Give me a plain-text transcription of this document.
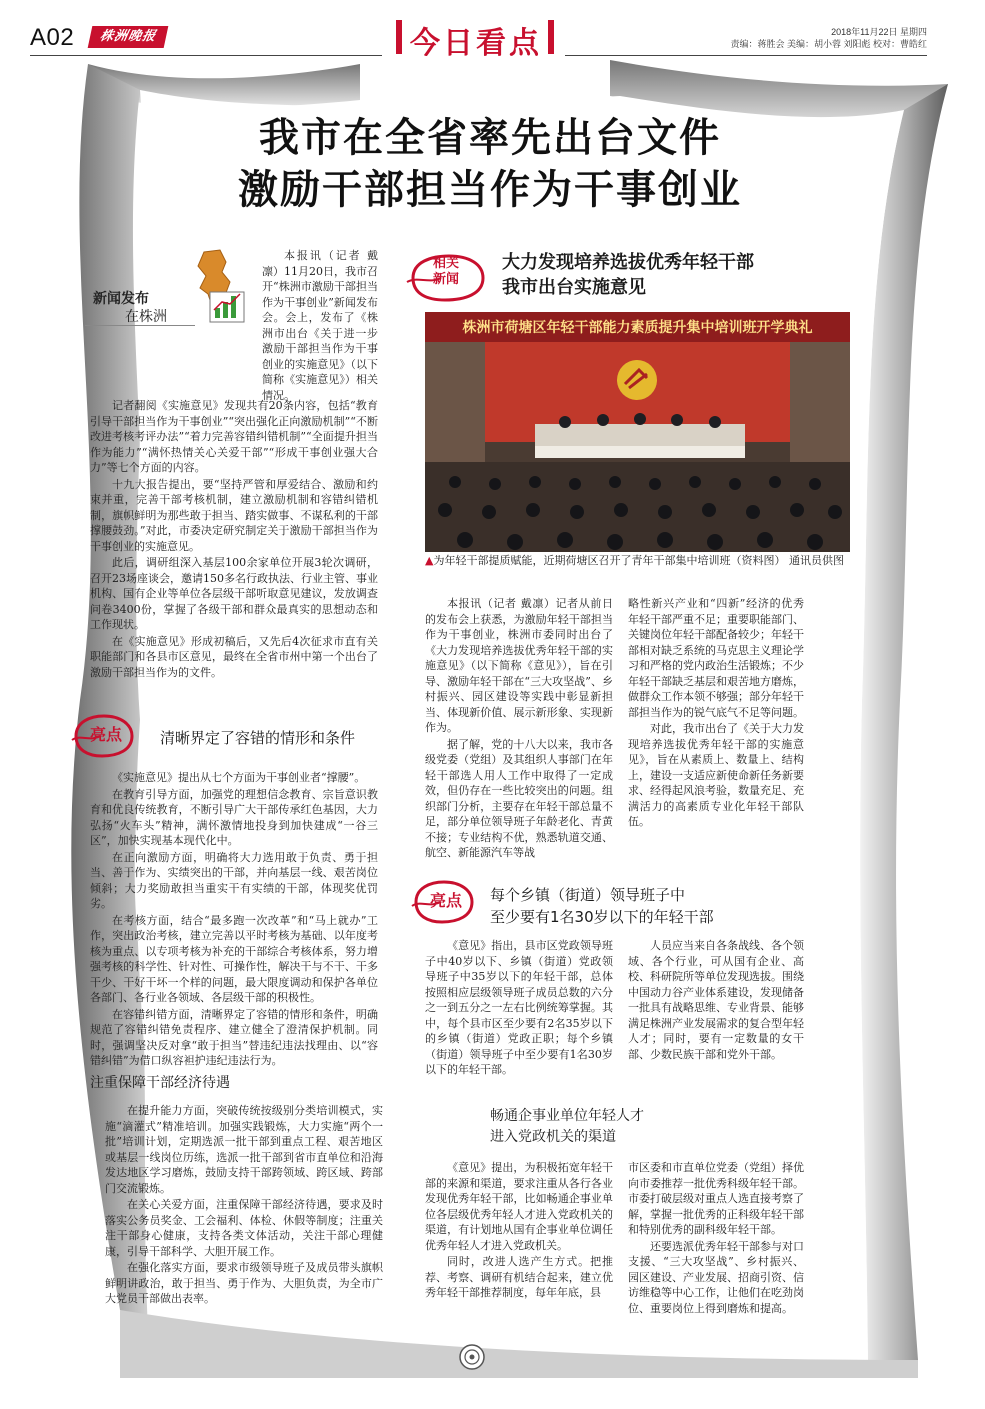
A02	株洲晚报	今日看点	2018年11月22日 星期四
责编：蒋胜会 美编：胡小蓉 刘阳彪 校对：曹皓红
我市在全省率先出台文件
激励干部担当作为干事创业
新闻发布
在株洲

本报讯（记者 戴凛）11月20日，我市召开“株洲市激励干部担当作为干事创业”新闻发布会。会上，发布了《株洲市出台《关于进一步激励干部担当作为干事创业的实施意见》（以下简称《实施意见》）相关情况。

记者翻阅《实施意见》发现共有20条内容，包括“教育引导干部担当作为干事创业”“突出强化正向激励机制”“不断改进考核考评办法”“着力完善容错纠错机制”“全面提升担当作为能力”“满怀热情关心关爱干部”“形成干事创业强大合力”等七个方面的内容。

十九大报告提出，要“坚持严管和厚爱结合、激励和约束并重，完善干部考核机制，建立激励机制和容错纠错机制，旗帜鲜明为那些敢于担当、踏实做事、不谋私利的干部撑腰鼓劲。”对此，市委决定研究制定关于激励干部担当作为干事创业的实施意见。

此后，调研组深入基层100余家单位开展3轮次调研，召开23场座谈会，邀请150多名行政执法、行业主管、事业机构、国有企业等单位各层级干部听取意见建议，发放调查问卷3400份，掌握了各级干部和群众最真实的思想动态和工作现状。

在《实施意见》形成初稿后，又先后4次征求市直有关职能部门和各县市区意见，最终在全省市州中第一个出台了激励干部担当作为的文件。

亮点	清晰界定了容错的情形和条件

《实施意见》提出从七个方面为干事创业者“撑腰”。

在教育引导方面，加强党的理想信念教育、宗旨意识教育和优良传统教育，不断引导广大干部传承红色基因，大力弘扬“火车头”精神，满怀激情地投身到加快建成“一谷三区”，加快实现基本现代化中。

在正向激励方面，明确将大力选用敢于负责、勇于担当、善于作为、实绩突出的干部，并向基层一线、艰苦岗位倾斜；大力奖励敢担当重实干有实绩的干部，体现奖优罚劣。

在考核方面，结合“最多跑一次改革”和“马上就办”工作，突出政治考核，建立完善以平时考核为基础、以年度考核为重点、以专项考核为补充的干部综合考核体系，努力增强考核的科学性、针对性、可操作性，解决干与不干、干多干少、干好干坏一个样的问题，最大限度调动和保护各单位各部门、各行业各领域、各层级干部的积极性。

在容错纠错方面，清晰界定了容错的情形和条件，明确规范了容错纠错免责程序、建立健全了澄清保护机制。同时，强调坚决反对拿“敢于担当”替违纪违法找理由、以“容错纠错”为借口纵容袒护违纪违法行为。

注重保障干部经济待遇

在提升能力方面，突破传统按级别分类培训模式，实施“滴灌式”精准培训。加强实践锻炼，大力实施“两个一批”培训计划，定期选派一批干部到重点工程、艰苦地区或基层一线岗位历练，选派一批干部到省市直单位和沿海发达地区学习磨炼，鼓励支持干部跨领域、跨区域、跨部门交流锻炼。

在关心关爱方面，注重保障干部经济待遇，要求及时落实公务员奖金、工会福利、体检、休假等制度；注重关注干部身心健康，支持各类文体活动，关注干部心理健康，引导干部科学、大胆开展工作。

在强化落实方面，要求市级领导班子及成员带头旗帜鲜明讲政治，敢于担当、勇于作为、大胆负责，为全市广大党员干部做出表率。

相关
新闻
大力发现培养选拔优秀年轻干部
我市出台实施意见
株洲市荷塘区年轻干部能力素质提升集中培训班开学典礼
▲为年轻干部提质赋能，近期荷塘区召开了青年干部集中培训班（资料图） 通讯员供图

本报讯（记者 戴凛）记者从前日的发布会上获悉，为激励年轻干部担当作为干事创业，株洲市委同时出台了《大力发现培养选拔优秀年轻干部的实施意见》（以下简称《意见》），旨在引导、激励年轻干部在“三大攻坚战”、乡村振兴、园区建设等实践中彰显新担当、体现新价值、展示新形象、实现新作为。

据了解，党的十八大以来，我市各级党委（党组）及其组织人事部门在年轻干部选人用人工作中取得了一定成效，但仍存在一些比较突出的问题。组织部门分析，主要存在年轻干部总量不足，部分单位领导班子年龄老化、青黄不接；专业结构不优，熟悉轨道交通、航空、新能源汽车等战

略性新兴产业和“四新”经济的优秀年轻干部严重不足；重要职能部门、关键岗位年轻干部配备较少；年轻干部相对缺乏系统的马克思主义理论学习和严格的党内政治生活锻炼；不少年轻干部缺乏基层和艰苦地方磨炼，做群众工作本领不够强；部分年轻干部担当作为的锐气底气不足等问题。

对此，我市出台了《关于大力发现培养选拔优秀年轻干部的实施意见》，旨在从素质上、数量上、结构上，建设一支适应新使命新任务新要求、经得起风浪考验，数量充足、充满活力的高素质专业化年轻干部队伍。

亮点 每个乡镇（街道）领导班子中
至少要有1名30岁以下的年轻干部

《意见》指出，县市区党政领导班子中40岁以下、乡镇（街道）党政领导班子中35岁以下的年轻干部，总体按照相应层级领导班子成员总数的六分之一到五分之一左右比例统筹掌握。其中，每个县市区至少要有2名35岁以下的乡镇（街道）党政正职；每个乡镇（街道）领导班子中至少要有1名30岁以下的年轻干部。

人员应当来自各条战线、各个领域、各个行业，可从国有企业、高校、科研院所等单位发现选拔。围绕中国动力谷产业体系建设，发现储备一批具有战略思维、专业背景、能够满足株洲产业发展需求的复合型年轻人才；同时，要有一定数量的女干部、少数民族干部和党外干部。

畅通企事业单位年轻人才
进入党政机关的渠道

《意见》提出，为积极拓宽年轻干部的来源和渠道，要求注重从各行各业发现优秀年轻干部，比如畅通企事业单位各层级优秀年轻人才进入党政机关的渠道，有计划地从国有企事业单位调任优秀年轻人才进入党政机关。

同时，改进人选产生方式。把推荐、考察、调研有机结合起来，建立优秀年轻干部推荐制度，每年年底，县

市区委和市直单位党委（党组）择优向市委推荐一批优秀科级年轻干部。市委打破层级对重点人选直接考察了解，掌握一批优秀的正科级年轻干部和特别优秀的副科级年轻干部。

还要选派优秀年轻干部参与对口支援、“三大攻坚战”、乡村振兴、园区建设、产业发展、招商引资、信访维稳等中心工作，让他们在吃劲岗位、重要岗位上得到磨炼和提高。
